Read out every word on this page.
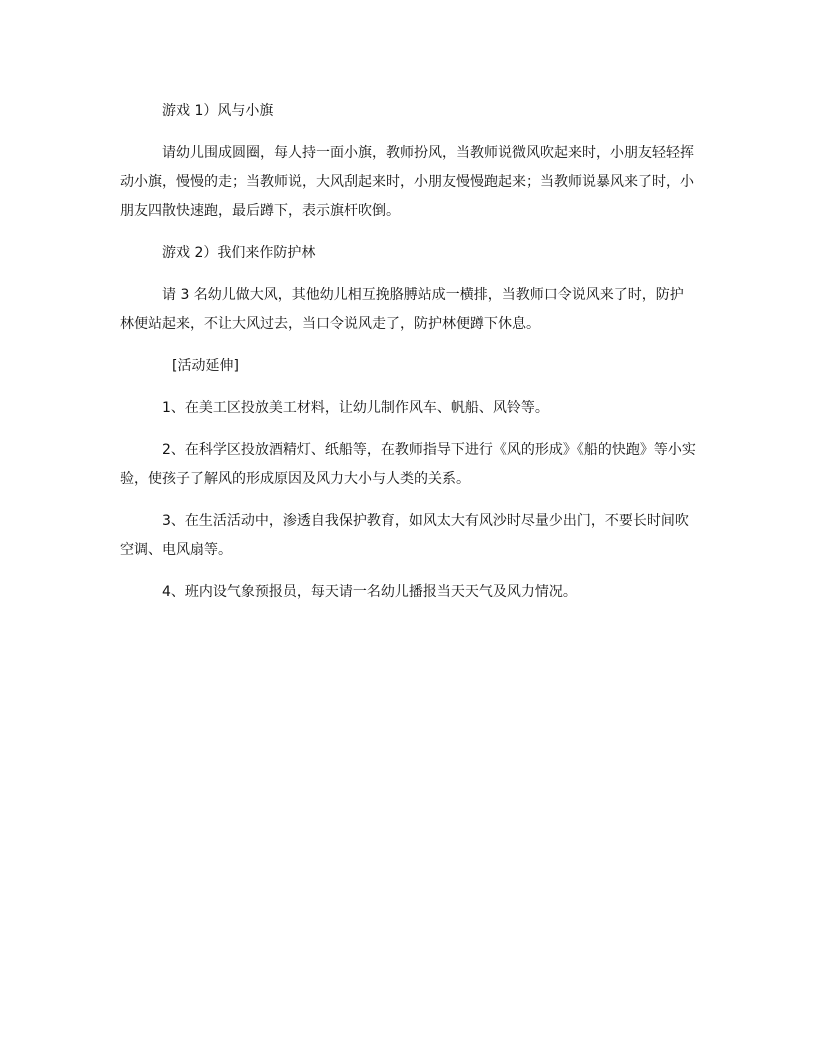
游戏 1）风与小旗

请幼儿围成圆圈，每人持一面小旗，教师扮风，当教师说微风吹起来时，小朋友轻轻挥动小旗，慢慢的走；当教师说，大风刮起来时，小朋友慢慢跑起来；当教师说暴风来了时，小朋友四散快速跑，最后蹲下，表示旗杆吹倒。

游戏 2）我们来作防护林

请 3 名幼儿做大风，其他幼儿相互挽胳膊站成一横排，当教师口令说风来了时，防护林便站起来，不让大风过去，当口令说风走了，防护林便蹲下休息。

[活动延伸]

1、在美工区投放美工材料，让幼儿制作风车、帆船、风铃等。

2、在科学区投放酒精灯、纸船等，在教师指导下进行《风的形成》《船的快跑》等小实验，使孩子了解风的形成原因及风力大小与人类的关系。

3、在生活活动中，渗透自我保护教育，如风太大有风沙时尽量少出门，不要长时间吹空调、电风扇等。

4、班内设气象预报员，每天请一名幼儿播报当天天气及风力情况。
